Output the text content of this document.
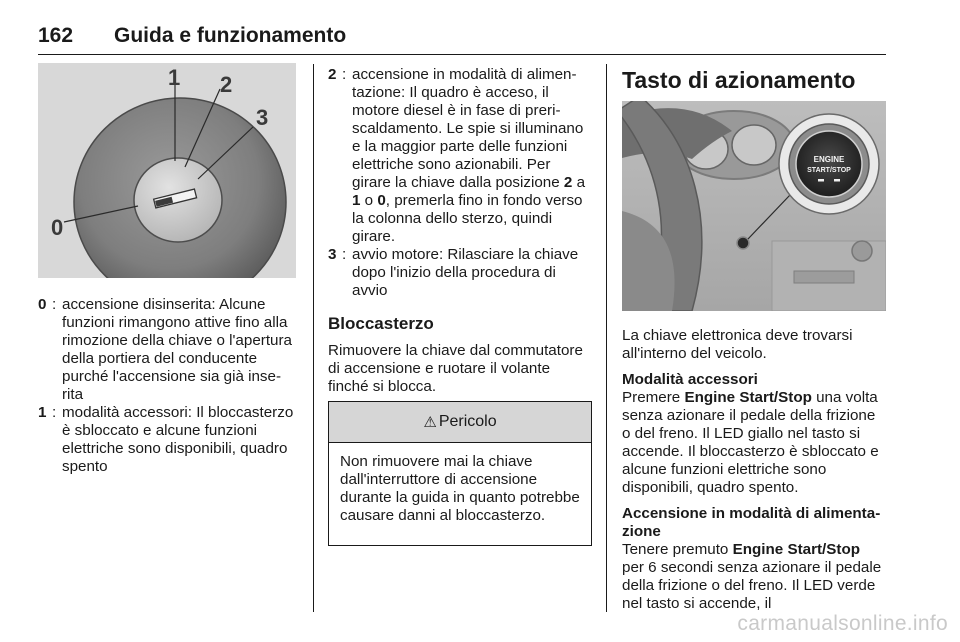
162 Guida e funzionamento
1 2
3
0
0 : accensione disinserita: Alcune funzioni rimangono attive fino alla rimozione della chiave o l'apertura della portiera del conducente purché l'accensione sia già inserita
1 : modalità accessori: Il bloccasterzo è sbloccato e alcune funzioni elettriche sono disponibili, quadro spento
2 : accensione in modalità di alimentazione: Il quadro è acceso, il motore diesel è in fase di preriscaldamento. Le spie si illuminano e la maggior parte delle funzioni elettriche sono azionabili. Per girare la chiave dalla posizione 2 a 1 o 0, premerla fino in fondo verso la colonna dello sterzo, quindi girare.
3 : avvio motore: Rilasciare la chiave dopo l'inizio della procedura di avvio

Bloccasterzo

Rimuovere la chiave dal commutatore di accensione e ruotare il volante finché si blocca.

⚠ Pericolo
Non rimuovere mai la chiave dall'interruttore di accensione durante la guida in quanto potrebbe causare danni al bloccasterzo.

Tasto di azionamento

ENGINE
START/STOP

La chiave elettronica deve trovarsi all'interno del veicolo.

Modalità accessori

Premere Engine Start/Stop una volta senza azionare il pedale della frizione o del freno. Il LED giallo nel tasto si accende. Il bloccasterzo è sbloccato e alcune funzioni elettriche sono disponibili, quadro spento.

Accensione in modalità di alimentazione

Tenere premuto Engine Start/Stop per 6 secondi senza azionare il pedale della frizione o del freno. Il LED verde nel tasto si accende, il

carmanualsonline.info
